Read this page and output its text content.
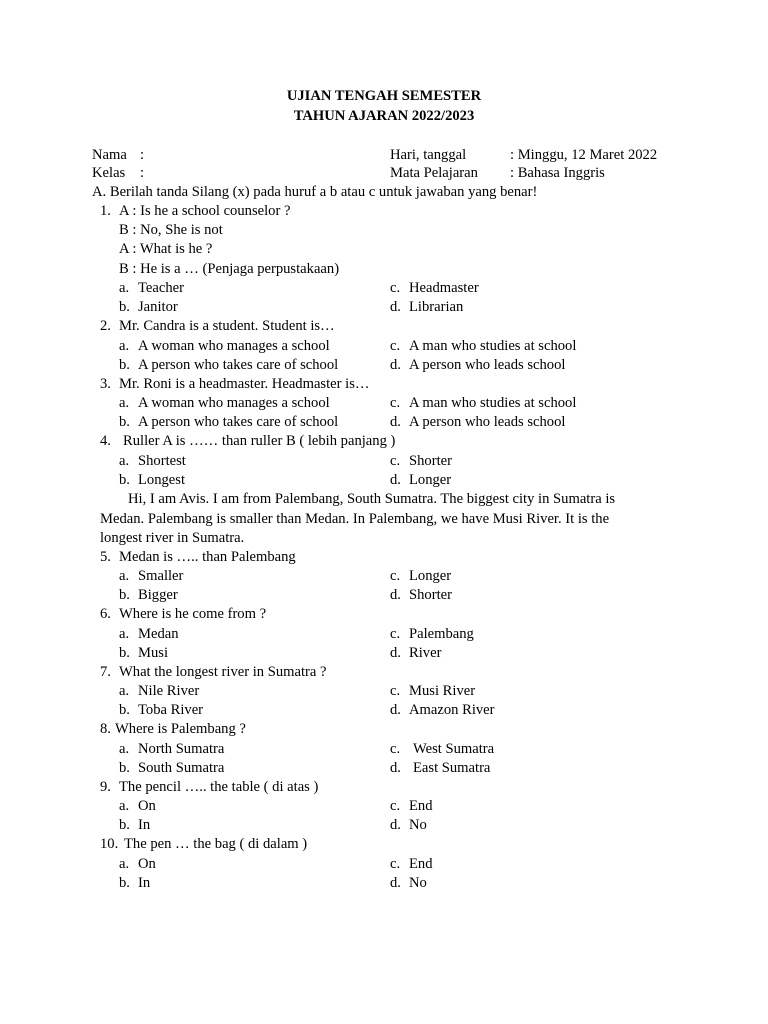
UJIAN TENGAH SEMESTER
TAHUN AJARAN 2022/2023
Nama :
Kelas :
Hari, tanggal	: Minggu, 12 Maret 2022
Mata Pelajaran : Bahasa Inggris
A. Berilah tanda Silang (x) pada huruf a b atau c untuk jawaban yang benar!
1. A : Is he a school counselor ?
B : No, She is not
A : What is he ?
B : He is a … (Penjaga perpustakaan)
a. Teacher	c. Headmaster
b. Janitor	d. Librarian
2. Mr. Candra is a student. Student is…
a. A woman who manages a school	c. A man who studies at school
b. A person who takes care of school	d. A person who leads school
3. Mr. Roni is a headmaster. Headmaster is…
a. A woman who manages a school	c. A man who studies at school
b. A person who takes care of school	d. A person who leads school
4. Ruller A is …… than ruller B ( lebih panjang )
a. Shortest	c. Shorter
b. Longest	d. Longer
Hi, I am Avis. I am from Palembang, South Sumatra. The biggest city in Sumatra is
Medan. Palembang is smaller than Medan. In Palembang, we have Musi River. It is the
longest river in Sumatra.
5. Medan is ….. than Palembang
a. Smaller	c. Longer
b. Bigger	d. Shorter
6. Where is he come from ?
a. Medan	c. Palembang
b. Musi	d. River
7. What the longest river in Sumatra ?
a. Nile River	c. Musi River
b. Toba River	d. Amazon River
8. Where is Palembang ?
a. North Sumatra	c. West Sumatra
b. South Sumatra	d. East Sumatra
9. The pencil ….. the table ( di atas )
a. On	c. End
b. In	d. No
10. The pen … the bag ( di dalam )
a. On	c. End
b. In	d. No
